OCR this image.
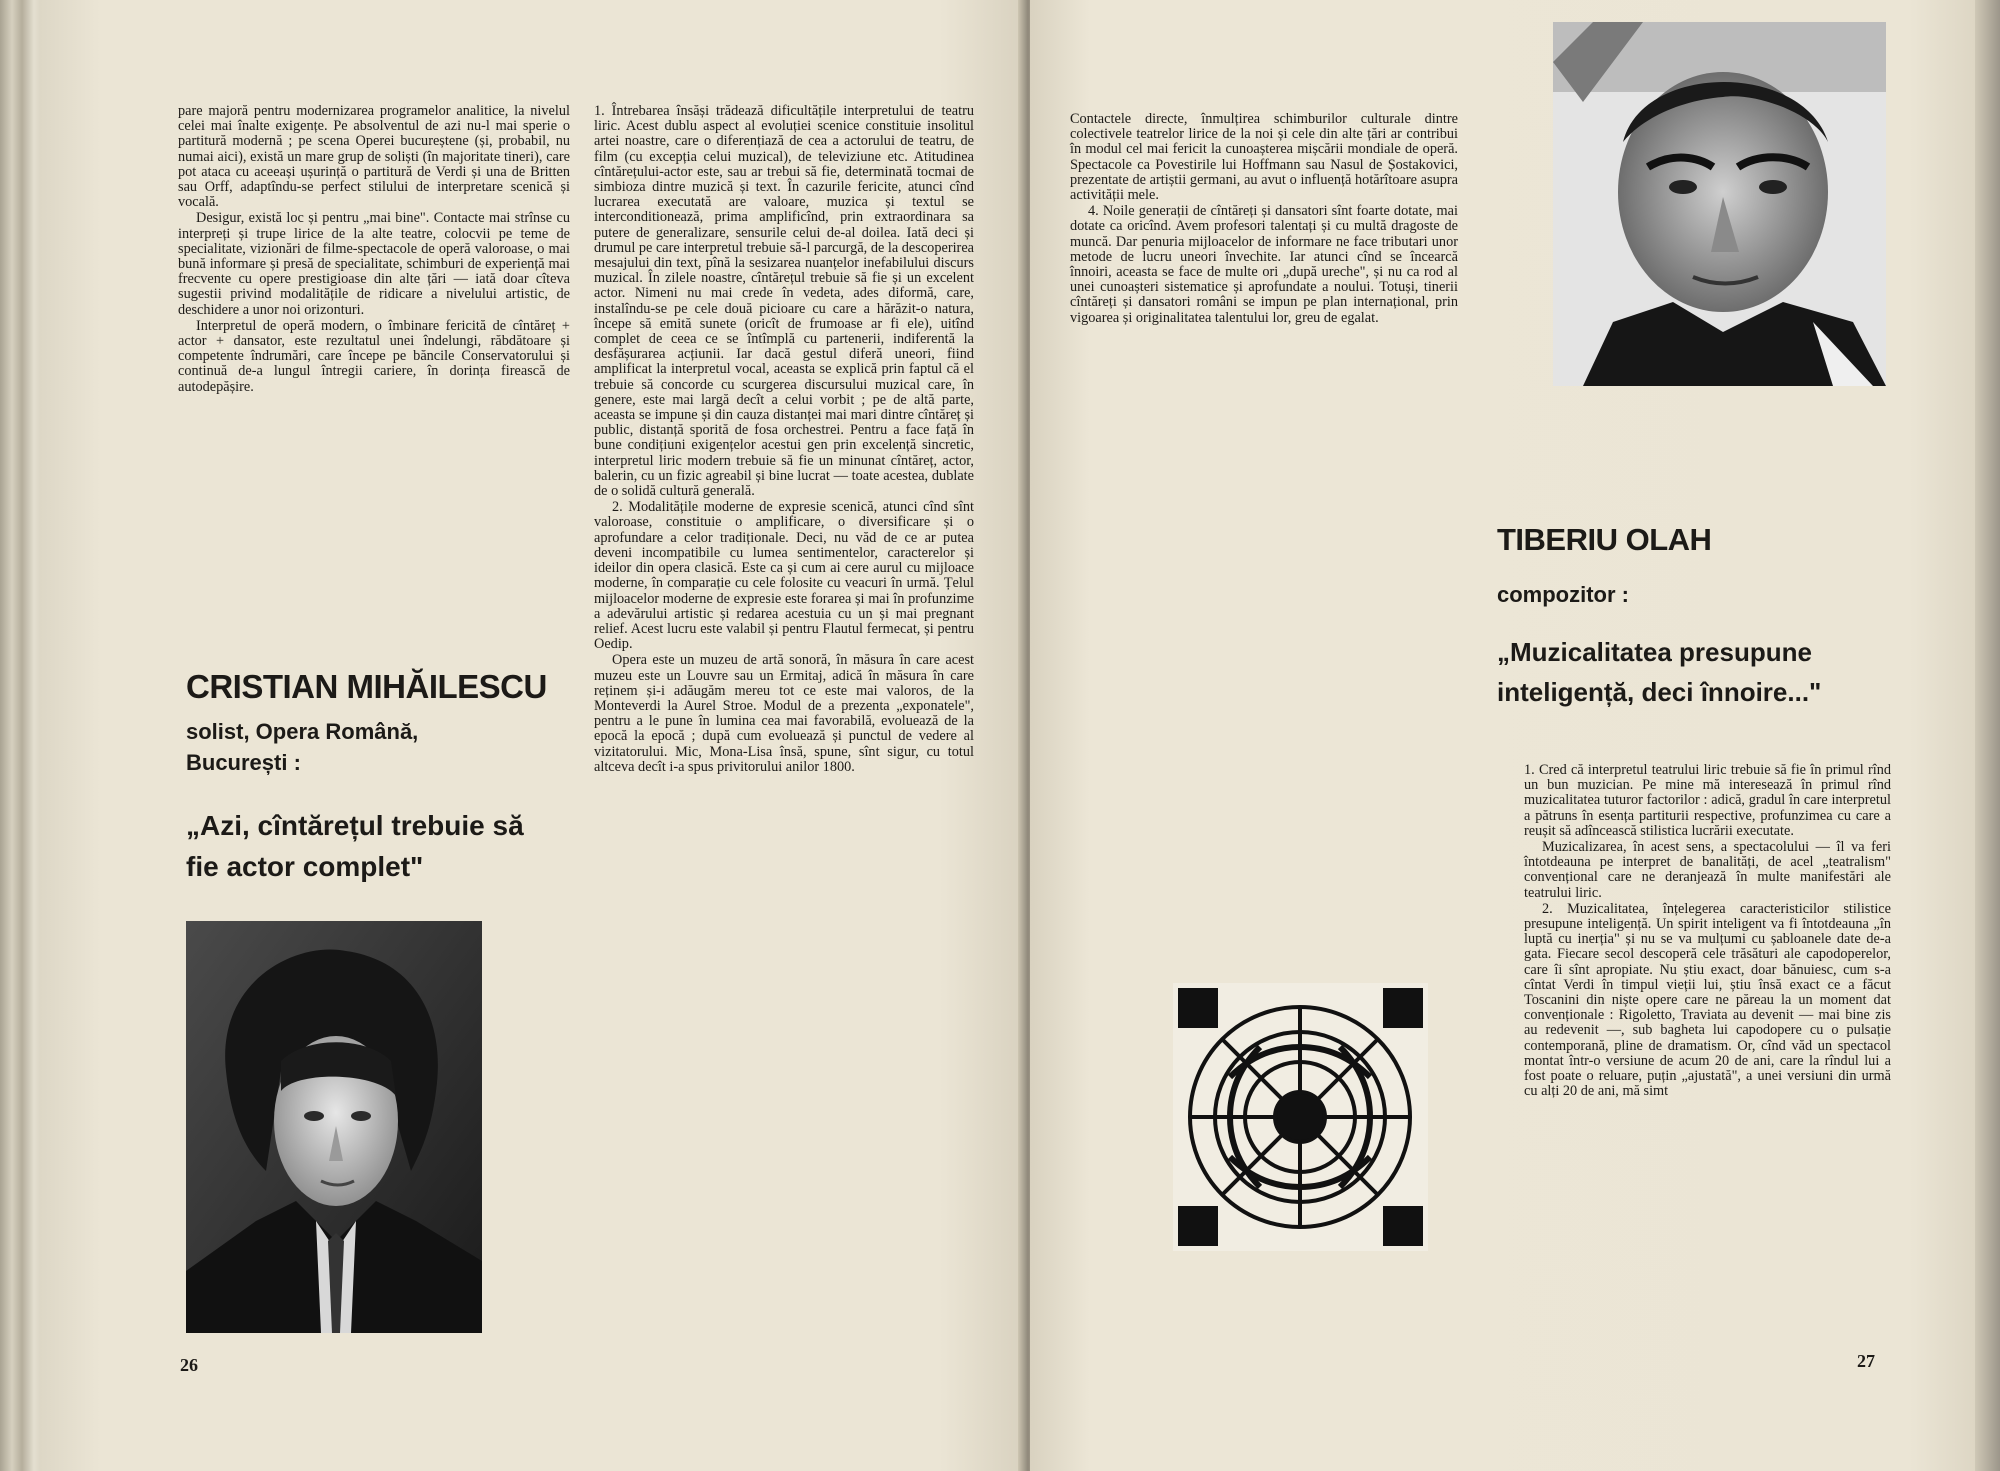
pare majoră pentru modernizarea programelor analitice, la nivelul celei mai înalte exigențe. Pe absolventul de azi nu-l mai sperie o partitură modernă ; pe scena Operei bucureștene (și, probabil, nu numai aici), există un mare grup de soliști (în majoritate tineri), care pot ataca cu aceeași ușurință o partitură de Verdi și una de Britten sau Orff, adaptîndu-se perfect stilului de interpretare scenică și vocală.

Desigur, există loc și pentru „mai bine". Contacte mai strînse cu interpreți și trupe lirice de la alte teatre, colocvii pe teme de specialitate, vizionări de filme-spectacole de operă valoroase, o mai bună informare și presă de specialitate, schimburi de experiență mai frecvente cu opere prestigioase din alte țări — iată doar cîteva sugestii privind modalitățile de ridicare a nivelului artistic, de deschidere a unor noi orizonturi.

Interpretul de operă modern, o îmbinare fericită de cîntăreț + actor + dansator, este rezultatul unei îndelungi, răbdătoare și competente îndrumări, care începe pe băncile Conservatorului și continuă de-a lungul întregii cariere, în dorința firească de autodepășire.

CRISTIAN MIHĂILESCU
solist, Opera Română, București :
„Azi, cîntărețul trebuie să fie actor complet"

1. Întrebarea însăși trădează dificultățile interpretului de teatru liric. Acest dublu aspect al evoluției scenice constituie insolitul artei noastre, care o diferențiază de cea a actorului de teatru, de film (cu excepția celui muzical), de televiziune etc. Atitudinea cîntărețului-actor este, sau ar trebui să fie, determinată tocmai de simbioza dintre muzică și text. În cazurile fericite, atunci cînd lucrarea executată are valoare, muzica și textul se interconditionează, prima amplificînd, prin extraordinara sa putere de generalizare, sensurile celui de-al doilea. Iată deci și drumul pe care interpretul trebuie să-l parcurgă, de la descoperirea mesajului din text, pînă la sesizarea nuanțelor inefabilului discurs muzical. În zilele noastre, cîntărețul trebuie să fie și un excelent actor. Nimeni nu mai crede în vedeta, ades diformă, care, instalîndu-se pe cele două picioare cu care a hărăzit-o natura, începe să emită sunete (oricît de frumoase ar fi ele), uitînd complet de ceea ce se întîmplă cu partenerii, indiferentă la desfășurarea acțiunii. Iar dacă gestul diferă uneori, fiind amplificat la interpretul vocal, aceasta se explică prin faptul că el trebuie să concorde cu scurgerea discursului muzical care, în genere, este mai largă decît a celui vorbit ; pe de altă parte, aceasta se impune și din cauza distanței mai mari dintre cîntăreț și public, distanță sporită de fosa orchestrei. Pentru a face față în bune condițiuni exigențelor acestui gen prin excelență sincretic, interpretul liric modern trebuie să fie un minunat cîntăreț, actor, balerin, cu un fizic agreabil și bine lucrat — toate acestea, dublate de o solidă cultură generală.

2. Modalitățile moderne de expresie scenică, atunci cînd sînt valoroase, constituie o amplificare, o diversificare și o aprofundare a celor tradiționale. Deci, nu văd de ce ar putea deveni incompatibile cu lumea sentimentelor, caracterelor și ideilor din opera clasică. Este ca și cum ai cere aurul cu mijloace moderne, în comparație cu cele folosite cu veacuri în urmă. Țelul mijloacelor moderne de expresie este forarea și mai în profunzime a adevărului artistic și redarea acestuia cu un și mai pregnant relief. Acest lucru este valabil și pentru Flautul fermecat, și pentru Oedip.

Opera este un muzeu de artă sonoră, în măsura în care acest muzeu este un Louvre sau un Ermitaj, adică în măsura în care reținem și-i adăugăm mereu tot ce este mai valoros, de la Monteverdi la Aurel Stroe. Modul de a prezenta „exponatele", pentru a le pune în lumina cea mai favorabilă, evoluează de la epocă la epocă ; după cum evoluează și punctul de vedere al vizitatorului. Mic, Mona-Lisa însă, spune, sînt sigur, cu totul altceva decît i-a spus privitorului anilor 1800.

26

Contactele directe, înmulțirea schimburilor culturale dintre colectivele teatrelor lirice de la noi și cele din alte țări ar contribui în modul cel mai fericit la cunoașterea mișcării mondiale de operă. Spectacole ca Povestirile lui Hoffmann sau Nasul de Șostakovici, prezentate de artiștii germani, au avut o influență hotărîtoare asupra activității mele.

4. Noile generații de cîntăreți și dansatori sînt foarte dotate, mai dotate ca oricînd. Avem profesori talentați și cu multă dragoste de muncă. Dar penuria mijloacelor de informare ne face tributari unor metode de lucru uneori învechite. Iar atunci cînd se încearcă înnoiri, aceasta se face de multe ori „după ureche", și nu ca rod al unei cunoașteri sistematice și aprofundate a noului. Totuși, tinerii cîntăreți și dansatori români se impun pe plan internațional, prin vigoarea și originalitatea talentului lor, greu de egalat.

TIBERIU OLAH
compozitor :
„Muzicalitatea presupune inteligență, deci înnoire..."

1. Cred că interpretul teatrului liric trebuie să fie în primul rînd un bun muzician. Pe mine mă interesează în primul rînd muzicalitatea tuturor factorilor : adică, gradul în care interpretul a pătruns în esența partiturii respective, profunzimea cu care a reușit să adîncească stilistica lucrării executate.

Muzicalizarea, în acest sens, a spectacolului — îl va feri întotdeauna pe interpret de banalități, de acel „teatralism" convențional care ne deranjează în multe manifestări ale teatrului liric.

2. Muzicalitatea, înțelegerea caracteristicilor stilistice presupune inteligență. Un spirit inteligent va fi întotdeauna „în luptă cu inerția" și nu se va mulțumi cu șabloanele date de-a gata. Fiecare secol descoperă cele trăsături ale capodoperelor, care îi sînt apropiate. Nu știu exact, doar bănuiesc, cum s-a cîntat Verdi în timpul vieții lui, știu însă exact ce a făcut Toscanini din niște opere care ne păreau la un moment dat convenționale : Rigoletto, Traviata au devenit — mai bine zis au redevenit —, sub bagheta lui capodopere cu o pulsație contemporană, pline de dramatism. Or, cînd văd un spectacol montat într-o versiune de acum 20 de ani, care la rîndul lui a fost poate o reluare, puțin „ajustată", a unei versiuni din urmă cu alți 20 de ani, mă simt

27
